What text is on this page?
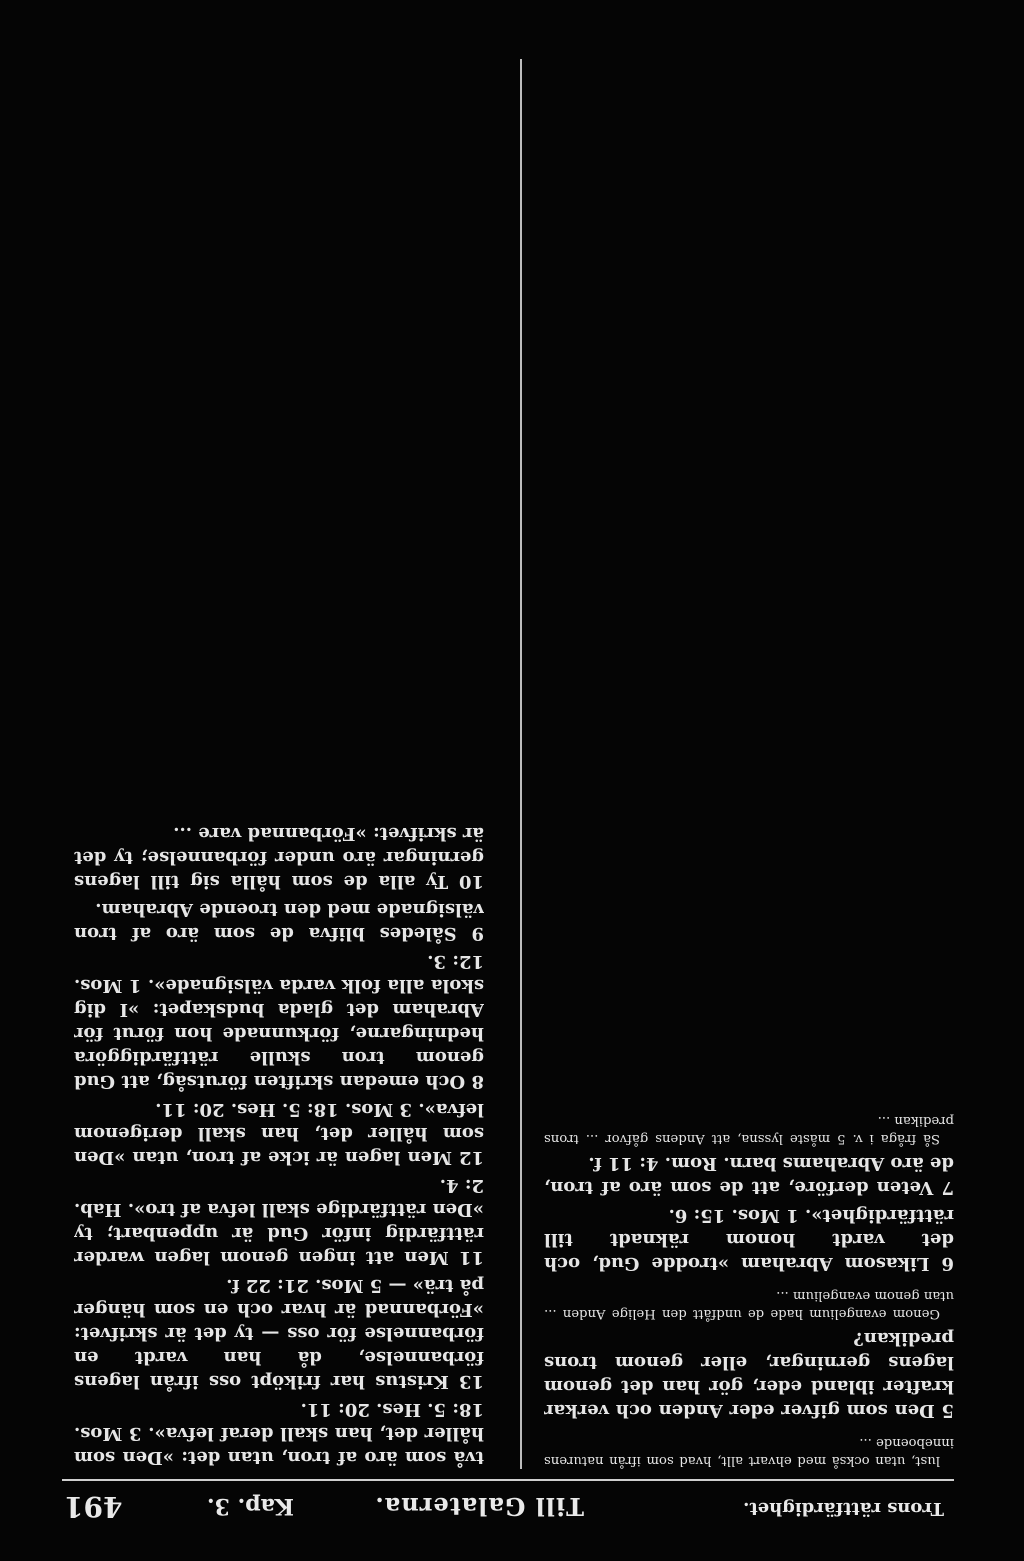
Trons rättfärdighet.
Till Galaterna.
Kap. 3.
491

lust, utan också med ehvart allt, hvad som ifrån naturens inneboende ...

5 Den som gifver eder Anden och verkar krafter ibland eder, gör han det genom lagens gerningar, eller genom trons predikan?

Genom evangelium hade de undfått den Helige Anden ... utan genom evangelium ...

6 Likasom Abraham »trodde Gud, och det vardt honom räknadt till rättfärdighet». 1 Mos. 15: 6.

7 Veten derföre, att de som äro af tron, de äro Abrahams barn. Rom. 4: 11 f.

Så fråga i v. 5 måste lyssna, att Andens gåfvor ... trons predikan ...

två som äro af tron, utan det: »Den som håller det, han skall deraf lefva». 3 Mos. 18: 5. Hes. 20: 11.

13 Kristus har friköpt oss ifrån lagens förbannelse, då han vardt en förbannelse för oss — ty det är skrifvet: »Förbannad är hvar och en som hänger på trä» — 5 Mos. 21: 22 f.

11 Men att ingen genom lagen warder rättfärdig inför Gud är uppenbart; ty »Den rättfärdige skall lefva af tro». Hab. 2: 4.

12 Men lagen är icke af tron, utan »Den som håller det, han skall derigenom lefva». 3 Mos. 18: 5. Hes. 20: 11.

8 Och emedan skriften förutsåg, att Gud genom tron skulle rättfärdiggöra hedningarne, förkunnade hon förut för Abraham det glada budskapet: »I dig skola alla folk varda välsignade». 1 Mos. 12: 3.

9 Således blifva de som äro af tron välsignade med den troende Abraham.

10 Ty alla de som hålla sig till lagens gerningar äro under förbannelse; ty det är skrifvet: »Förbannad vare ...
